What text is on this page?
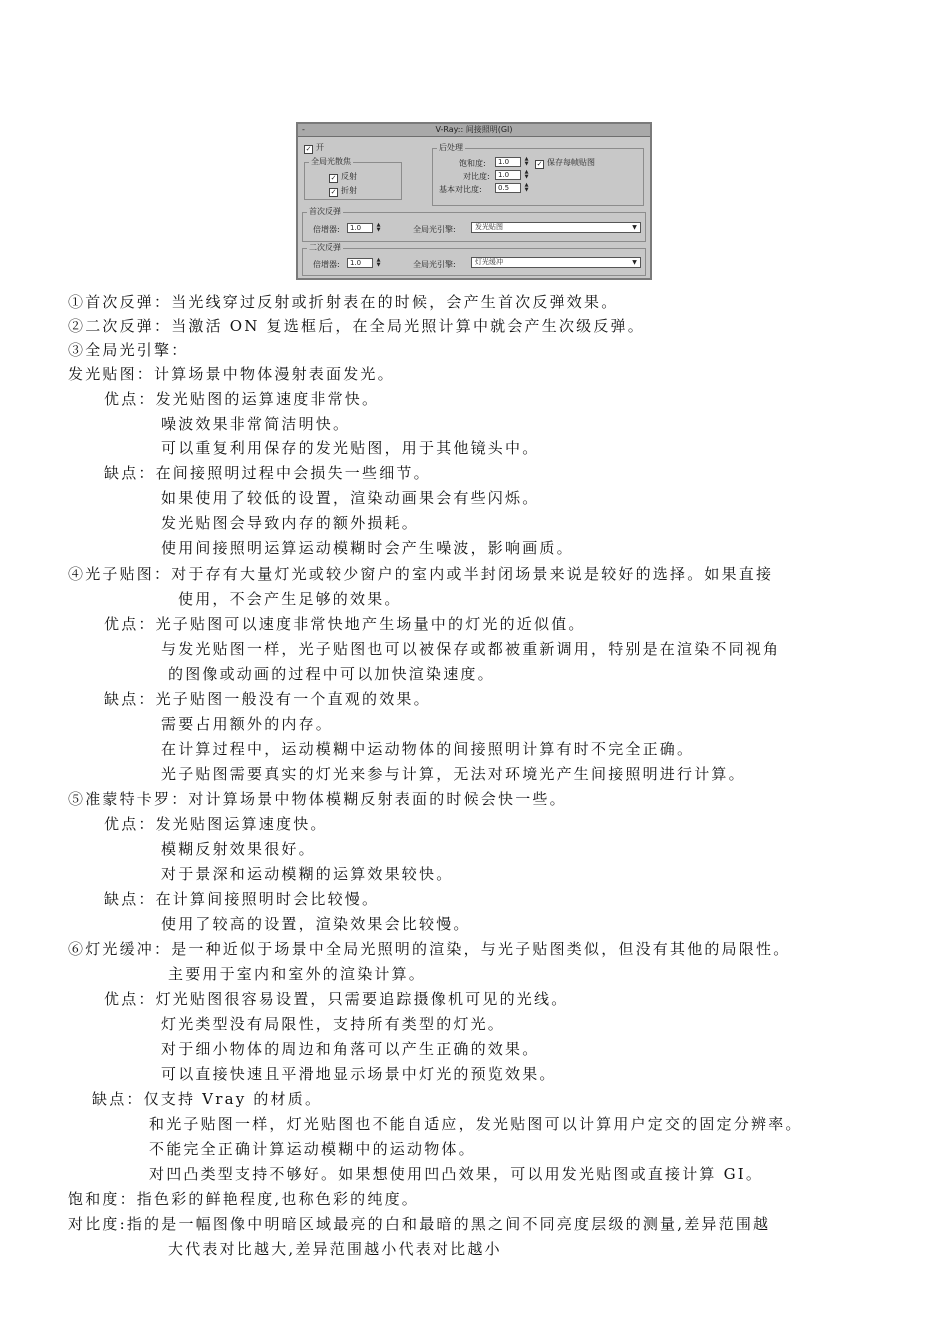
-	V-Ray:: 间接照明(GI)
✓ 开
全局光散焦
✓ 反射
✓ 折射
后处理
饱和度:	1.0	▲
▼ ✓ 保存每帧贴图
对比度:	1.0	▲
▼
基本对比度:	0.5	▲
▼
首次反弹
倍增器:	1.0	▲
▼	全局光引擎:	发光贴图	▼
二次反弹
倍增器:	1.0	▲
▼	全局光引擎:	灯光缓冲	▼
①首次反弹：当光线穿过反射或折射表在的时候，会产生首次反弹效果。
②二次反弹：当激活 ON 复选框后，在全局光照计算中就会产生次级反弹。
③全局光引擎：
发光贴图：计算场景中物体漫射表面发光。
优点：发光贴图的运算速度非常快。
噪波效果非常简洁明快。
可以重复利用保存的发光贴图，用于其他镜头中。
缺点：在间接照明过程中会损失一些细节。
如果使用了较低的设置，渲染动画果会有些闪烁。
发光贴图会导致内存的额外损耗。
使用间接照明运算运动模糊时会产生噪波，影响画质。
④光子贴图：对于存有大量灯光或较少窗户的室内或半封闭场景来说是较好的选择。如果直接
使用，不会产生足够的效果。
优点：光子贴图可以速度非常快地产生场量中的灯光的近似值。
与发光贴图一样，光子贴图也可以被保存或都被重新调用，特别是在渲染不同视角
的图像或动画的过程中可以加快渲染速度。
缺点：光子贴图一般没有一个直观的效果。
需要占用额外的内存。
在计算过程中，运动模糊中运动物体的间接照明计算有时不完全正确。
光子贴图需要真实的灯光来参与计算，无法对环境光产生间接照明进行计算。
⑤准蒙特卡罗：对计算场景中物体模糊反射表面的时候会快一些。
优点：发光贴图运算速度快。
模糊反射效果很好。
对于景深和运动模糊的运算效果较快。
缺点：在计算间接照明时会比较慢。
使用了较高的设置，渲染效果会比较慢。
⑥灯光缓冲：是一种近似于场景中全局光照明的渲染，与光子贴图类似，但没有其他的局限性。
主要用于室内和室外的渲染计算。
优点：灯光贴图很容易设置，只需要追踪摄像机可见的光线。
灯光类型没有局限性，支持所有类型的灯光。
对于细小物体的周边和角落可以产生正确的效果。
可以直接快速且平滑地显示场景中灯光的预览效果。
缺点：仅支持 Vray 的材质。
和光子贴图一样，灯光贴图也不能自适应，发光贴图可以计算用户定交的固定分辨率。
不能完全正确计算运动模糊中的运动物体。
对凹凸类型支持不够好。如果想使用凹凸效果，可以用发光贴图或直接计算 GI。
饱和度：指色彩的鲜艳程度,也称色彩的纯度。
对比度:指的是一幅图像中明暗区域最亮的白和最暗的黑之间不同亮度层级的测量,差异范围越
大代表对比越大,差异范围越小代表对比越小
